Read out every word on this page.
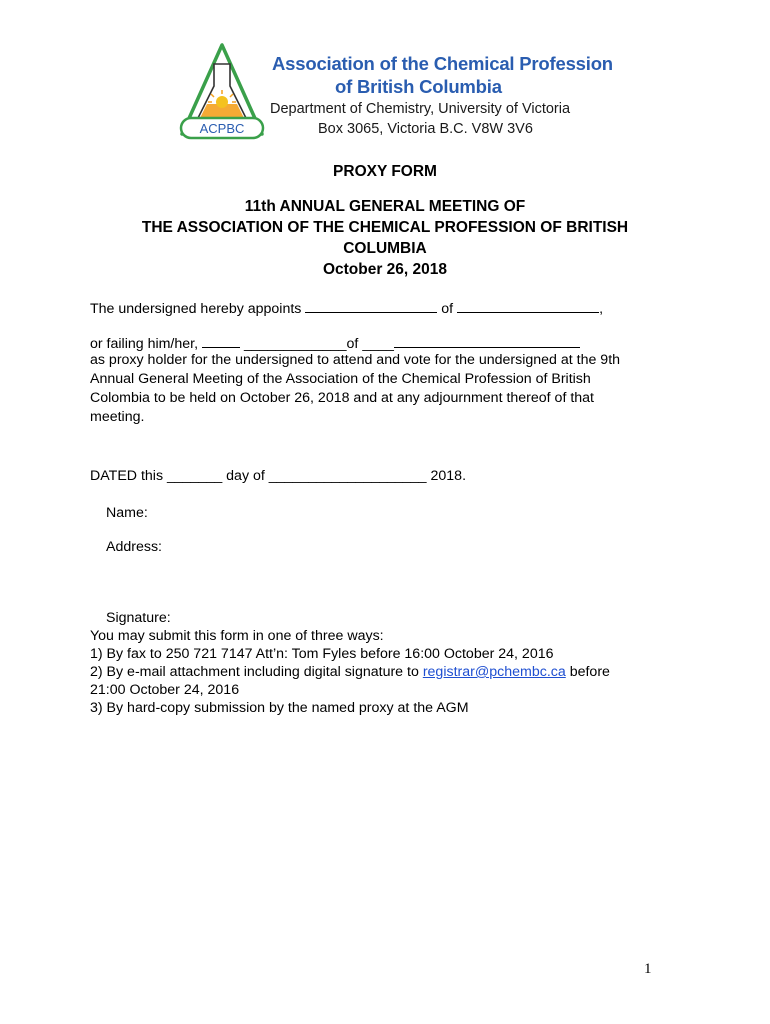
ACPBC
Association of the Chemical Profession
of British Columbia
Department of Chemistry, University of Victoria
Box 3065, Victoria B.C. V8W 3V6
PROXY FORM
11th ANNUAL GENERAL MEETING OF
THE ASSOCIATION OF THE CHEMICAL PROFESSION OF BRITISH
COLUMBIA
October 26, 2018
The undersigned hereby appoints	of	,
or failing him/her,	_____________of ____
as proxy holder for the undersigned to attend and vote for the undersigned at the 9th
Annual General Meeting of the Association of the Chemical Profession of British
Colombia to be held on October 26, 2018 and at any adjournment thereof of that
meeting.
DATED this _______ day of ____________________ 2018.
Name:
Address:
Signature:
You may submit this form in one of three ways:
1) By fax to 250 721 7147 Att’n: Tom Fyles before 16:00 October 24, 2016
2) By e-mail attachment including digital signature to registrar@pchembc.ca before
21:00 October 24, 2016
3) By hard-copy submission by the named proxy at the AGM
1
